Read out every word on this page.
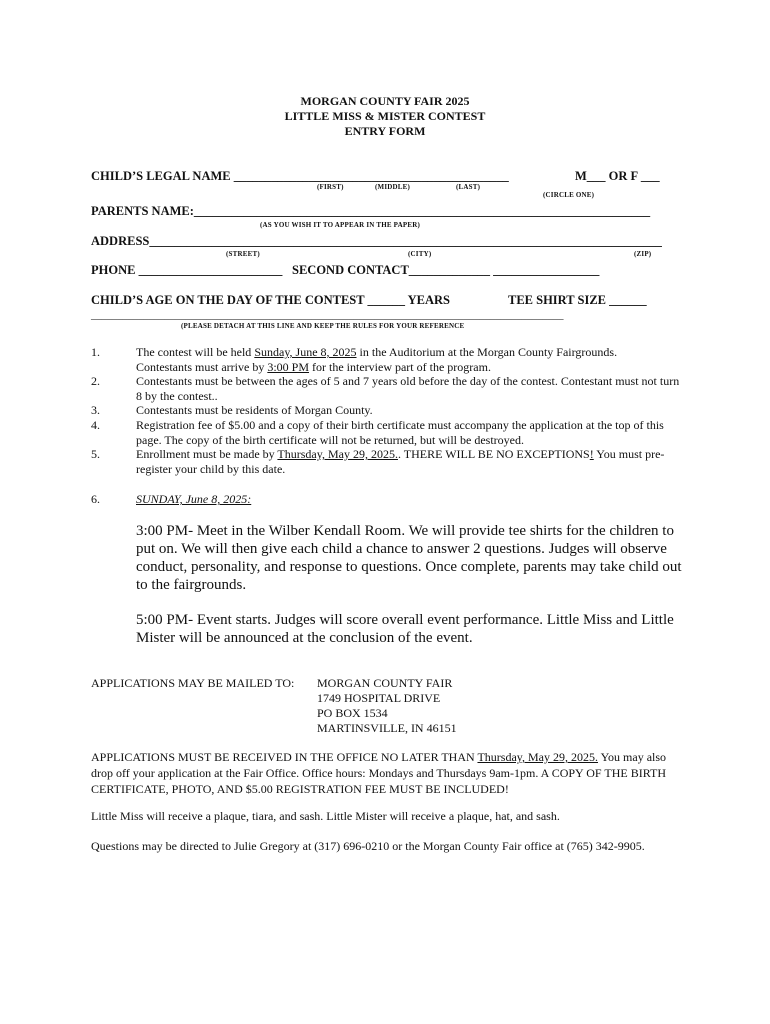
MORGAN COUNTY FAIR 2025
LITTLE MISS & MISTER CONTEST
ENTRY FORM
CHILD’S LEGAL NAME ____________________________________________
(FIRST)	(MIDDLE)	(LAST)
M___ OR F ___
(CIRCLE ONE)
PARENTS NAME:_________________________________________________________________________
(AS YOU WISH IT TO APPEAR IN THE PAPER)
ADDRESS__________________________________________________________________________________
(STREET)	(CITY)	(ZIP)
PHONE _______________________ SECOND CONTACT_____________ _________________
CHILD’S AGE ON THE DAY OF THE CONTEST ______ YEARS	TEE SHIRT SIZE ______
__________________________________________________________________________________________
(PLEASE DETACH AT THIS LINE AND KEEP THE RULES FOR YOUR REFERENCE
1.	The contest will be held Sunday, June 8, 2025 in the Auditorium at the Morgan County Fairgrounds.
Contestants must arrive by 3:00 PM for the interview part of the program.
2.	Contestants must be between the ages of 5 and 7 years old before the day of the contest. Contestant must not turn 8 by the contest..
3.	Contestants must be residents of Morgan County.
4.	Registration fee of $5.00 and a copy of their birth certificate must accompany the application at the top of this page. The copy of the birth certificate will not be returned, but will be destroyed.
5.	Enrollment must be made by Thursday, May 29, 2025.. THERE WILL BE NO EXCEPTIONS! You must pre-register your child by this date.
6.	SUNDAY, June 8, 2025:
3:00 PM- Meet in the Wilber Kendall Room. We will provide tee shirts for the children to put on. We will then give each child a chance to answer 2 questions. Judges will observe conduct, personality, and response to questions. Once complete, parents may take child out to the fairgrounds.
5:00 PM- Event starts. Judges will score overall event performance. Little Miss and Little Mister will be announced at the conclusion of the event.
APPLICATIONS MAY BE MAILED TO: MORGAN COUNTY FAIR
1749 HOSPITAL DRIVE
PO BOX 1534
MARTINSVILLE, IN 46151
APPLICATIONS MUST BE RECEIVED IN THE OFFICE NO LATER THAN Thursday, May 29, 2025. You may also drop off your application at the Fair Office. Office hours: Mondays and Thursdays 9am-1pm. A COPY OF THE BIRTH CERTIFICATE, PHOTO, AND $5.00 REGISTRATION FEE MUST BE INCLUDED!
Little Miss will receive a plaque, tiara, and sash. Little Mister will receive a plaque, hat, and sash.
Questions may be directed to Julie Gregory at (317) 696-0210 or the Morgan County Fair office at (765) 342-9905.
